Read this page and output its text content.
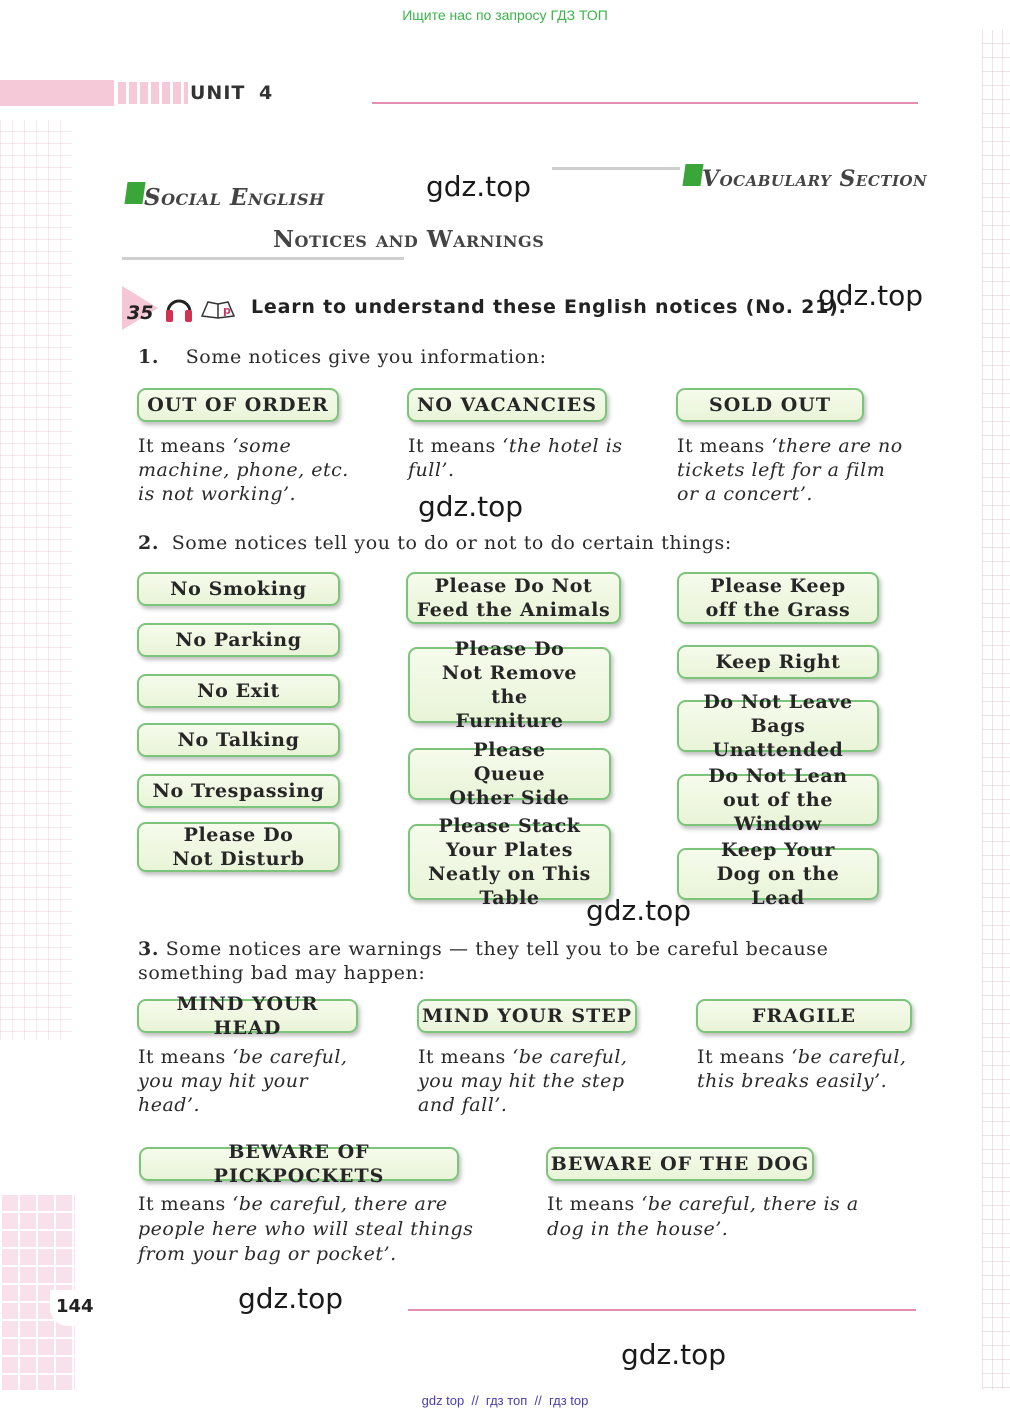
Ищите нас по запросу ГДЗ ТОП
UNIT 4
Social English
Vocabulary Section
Notices and Warnings
35	p Learn to understand these English notices (No. 21).
1. Some notices give you information:
OUT OF ORDER	NO VACANCIES	SOLD OUT
It means ‘some machine, phone, etc. is not working’.
It means ‘the hotel is full’.
It means ‘there are no tickets left for a film or a concert’.
2. Some notices tell you to do or not to do certain things:
No Smoking
No Parking
No Exit
No Talking
No Trespassing
Please Do Not Disturb
Please Do Not Feed the Animals
Please Do Not Remove the Furniture
Please Queue Other Side
Please Stack Your Plates Neatly on This Table
Please Keep off the Grass
Keep Right
Do Not Leave Bags Unattended
Do Not Lean out of the Window
Keep Your Dog on the Lead
3. Some notices are warnings — they tell you to be careful because something bad may happen:
MIND YOUR HEAD
MIND YOUR STEP	FRAGILE
It means ‘be careful, you may hit your head’.
It means ‘be careful, you may hit the step and fall’.
It means ‘be careful, this breaks easily’.
BEWARE OF PICKPOCKETS
BEWARE OF THE DOG
It means ‘be careful, there are people here who will steal things from your bag or pocket’.
It means ‘be careful, there is a dog in the house’.
gdz.top
gdz.top
gdz.top
gdz.top
gdz.top
gdz.top
144
gdz top  //  гдз топ  //  гдз top
